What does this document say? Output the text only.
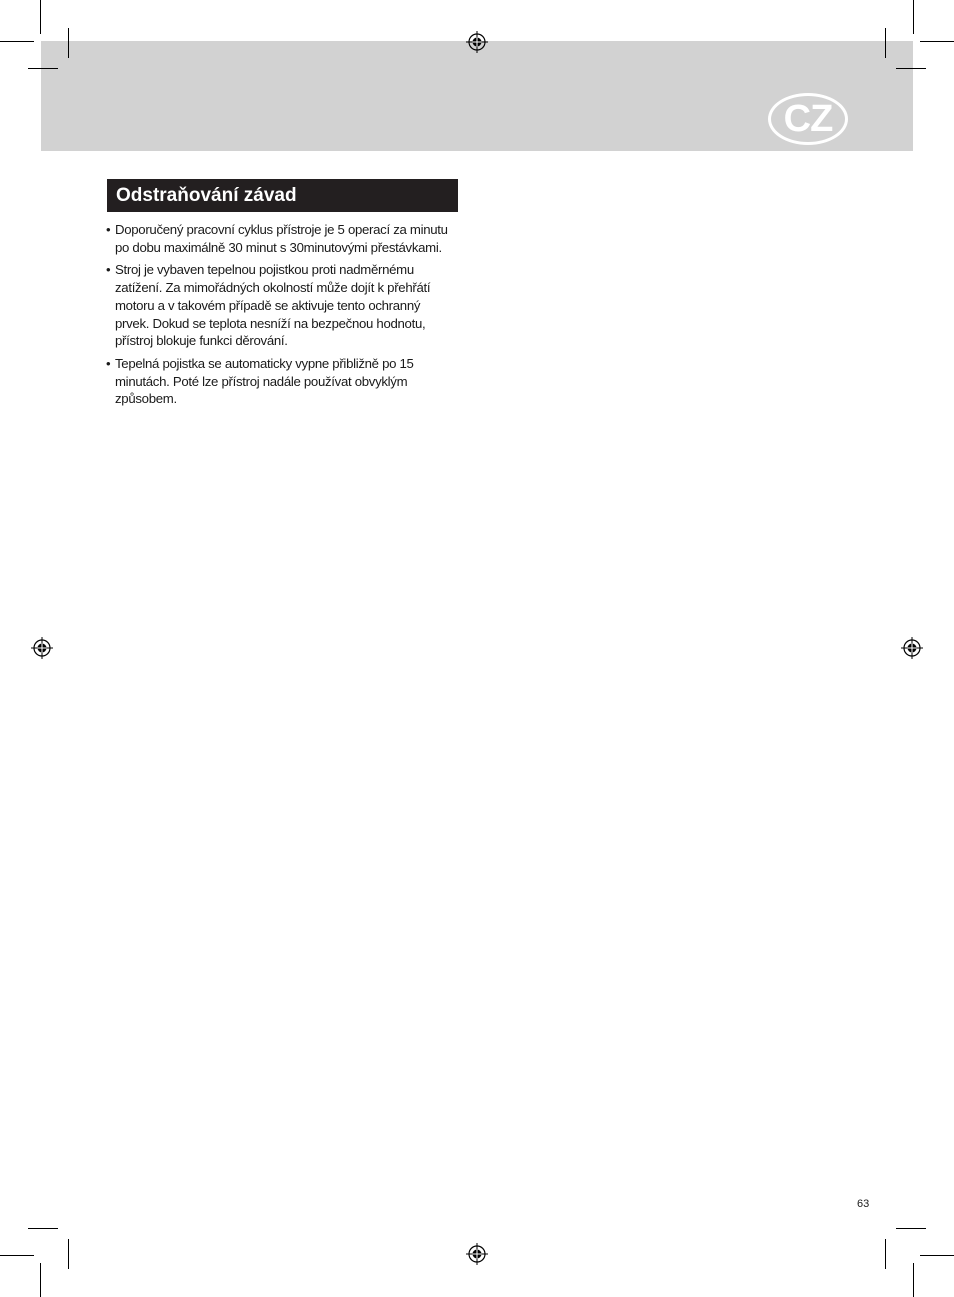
CZ
Odstraňování závad
• Doporučený pracovní cyklus přístroje je 5 operací za minutu po dobu maximálně 30 minut s 30minutovými přestávkami.
• Stroj je vybaven tepelnou pojistkou proti nadměrnému zatížení. Za mimořádných okolností může dojít k přehřátí motoru a v takovém případě se aktivuje tento ochranný prvek. Dokud se teplota nesníží na bezpečnou hodnotu, přístroj blokuje funkci děrování.
• Tepelná pojistka se automaticky vypne přibližně po 15 minutách. Poté lze přístroj nadále používat obvyklým způsobem.
63
